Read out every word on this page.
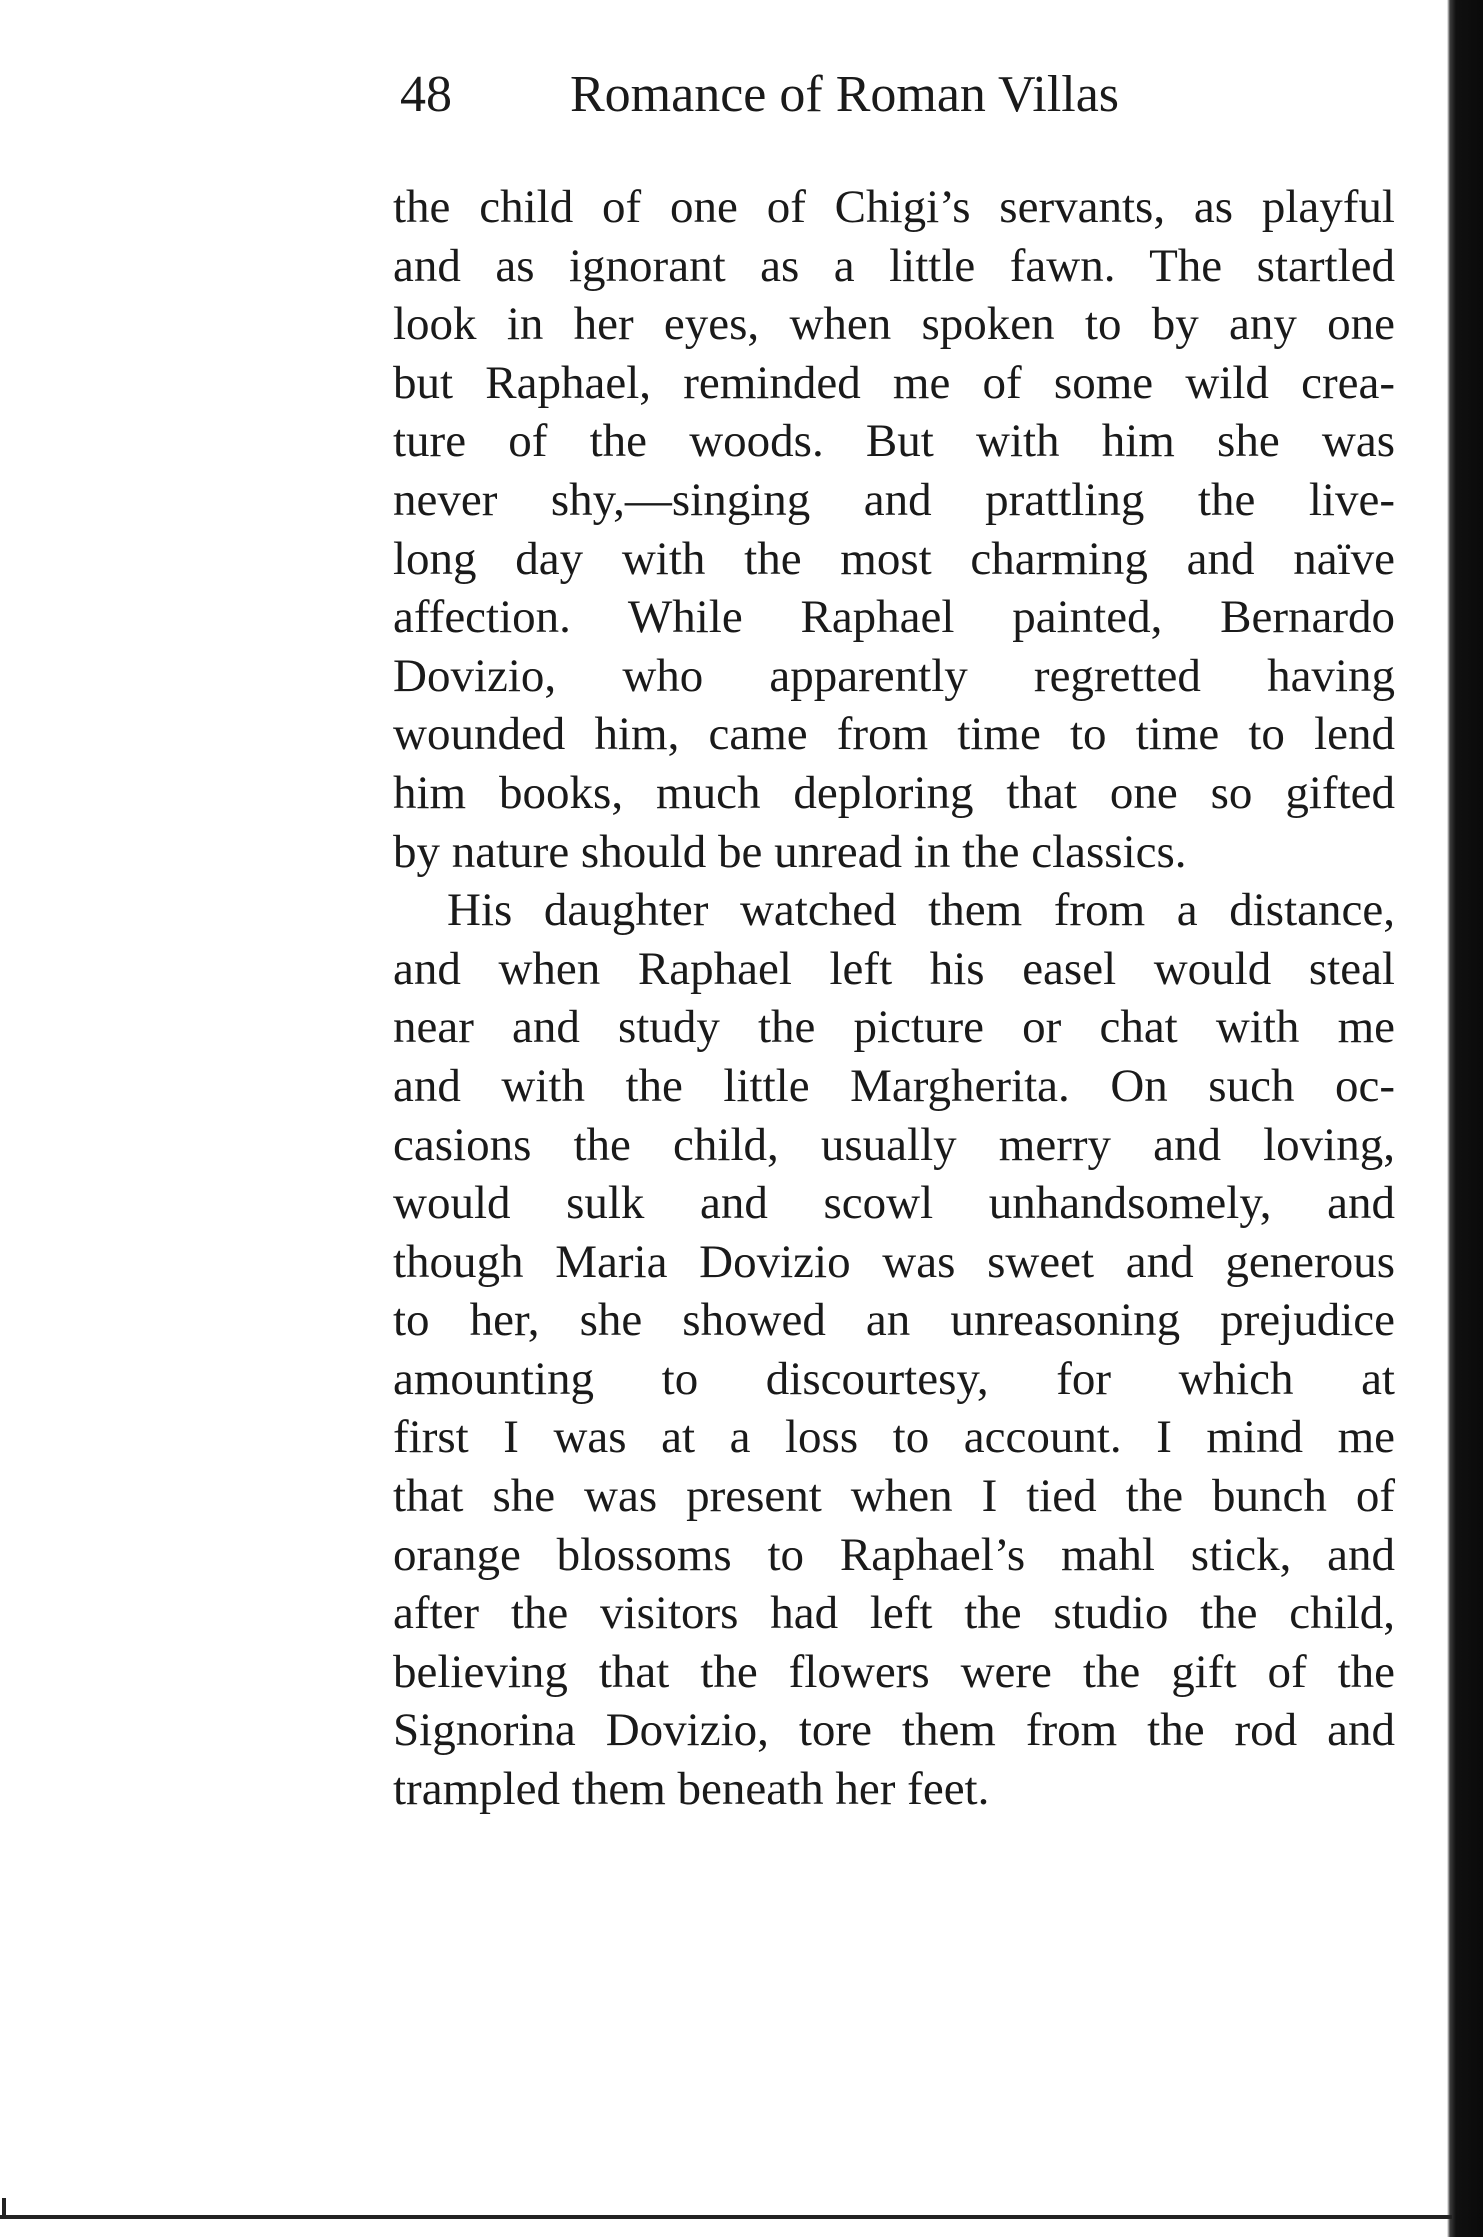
48 Romance of Roman Villas
the child of one of Chigi’s servants, as playful
and as ignorant as a little fawn. The startled
look in her eyes, when spoken to by any one
but Raphael, reminded me of some wild crea-
ture of the woods. But with him she was
never shy,—singing and prattling the live-
long day with the most charming and naïve
affection. While Raphael painted, Bernardo
Dovizio, who apparently regretted having
wounded him, came from time to time to lend
him books, much deploring that one so gifted
by nature should be unread in the classics.
His daughter watched them from a distance,
and when Raphael left his easel would steal
near and study the picture or chat with me
and with the little Margherita. On such oc-
casions the child, usually merry and loving,
would sulk and scowl unhandsomely, and
though Maria Dovizio was sweet and generous
to her, she showed an unreasoning prejudice
amounting to discourtesy, for which at
first I was at a loss to account. I mind me
that she was present when I tied the bunch of
orange blossoms to Raphael’s mahl stick, and
after the visitors had left the studio the child,
believing that the flowers were the gift of the
Signorina Dovizio, tore them from the rod and
trampled them beneath her feet.
